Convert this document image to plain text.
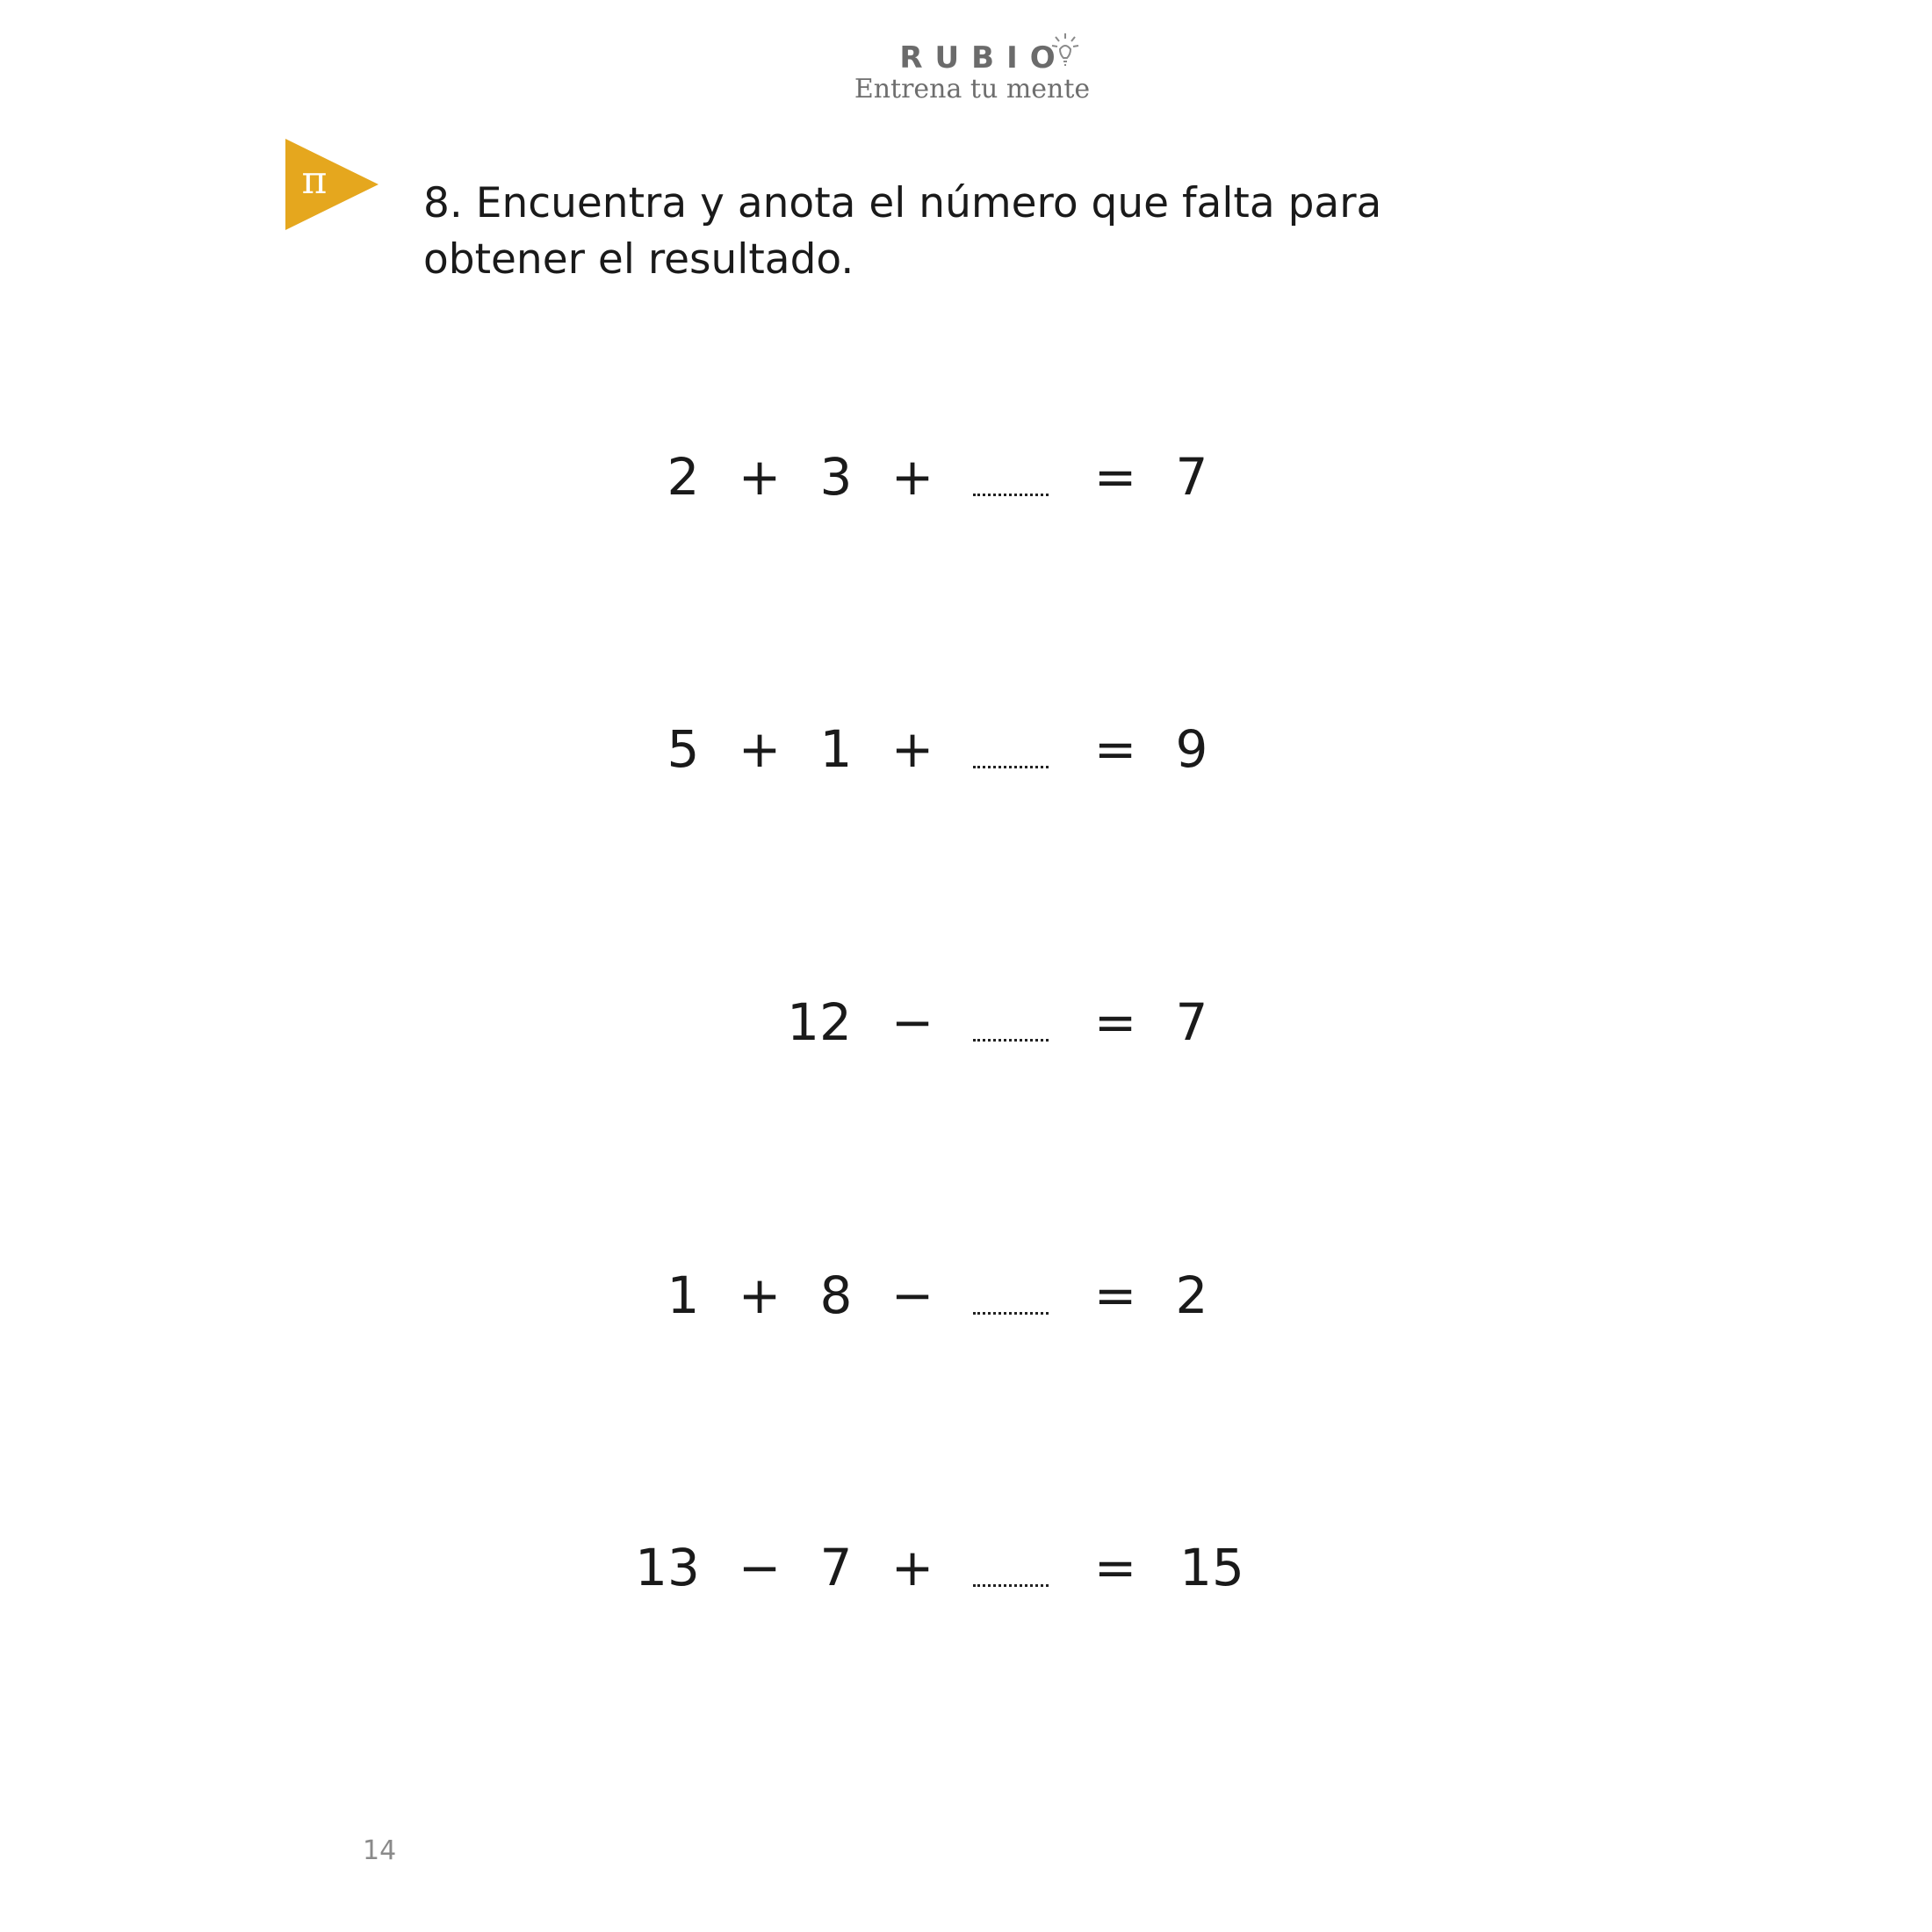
RUBIO
Entrena tu mente
π 8. Encuentra y anota el número que falta para obtener el resultado.

2 + 3 +	= 7
5 + 1 +	= 9
12 −	= 7
1 + 8 −	= 2
13 − 7 +	= 15
14
